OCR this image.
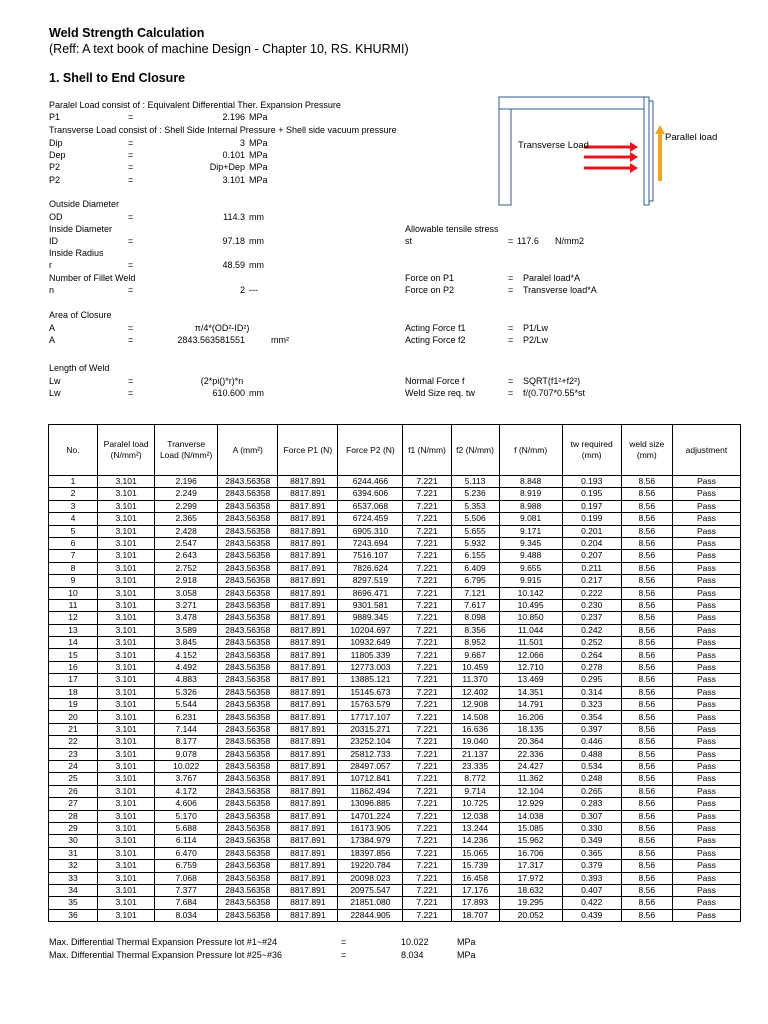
Weld Strength Calculation
(Reff: A text book of machine Design - Chapter 10, RS. KHURMI)
1. Shell to End Closure
Paralel Load consist of : Equivalent Differential Ther. Expansion Pressure
P1	=	2.196 MPa
Transverse Load consist of : Shell Side Internal Pressure + Shell side vacuum pressure
Dip	=	3 MPa
Dep	=	0.101 MPa
P2	=	Dip+Dep MPa
P2	=	3.101 MPa
Outside Diameter
OD	=	114.3 mm
Inside Diameter
ID	=	97.18 mm
Inside Radius
r	=	48.59 mm
Number of Fillet Weld
n	=	2 ---
Area of Closure
A	=	π/4*(OD²-ID²)
A	=	2843.563581551	mm²
Length of Weld
Lw	=	(2*pi()*r)*n
Lw	=	610.600 mm
Allowable tensile stress
st	= 117.6 N/mm2
Force on P1	= Paralel load*A
Force on P2	= Transverse load*A
Acting Force f1	= P1/Lw
Acting Force f2	= P2/Lw
Normal Force f	= SQRT(f1²+f2²)
Weld Size req. tw	= f/(0.707*0.55*st
Transverse Load
Parallel load
No.	Paralel load (N/mm²)	Tranverse Load (N/mm²)	A (mm²)	Force P1 (N)	Force P2 (N)	f1 (N/mm)	f2 (N/mm)	f (N/mm)	tw required (mm)	weld size (mm)	adjustment
1	3.101	2.196	2843.56358	8817.891	6244.466	7.221	5.113	8.848	0.193	8.56	Pass
2	3.101	2.249	2843.56358	8817.891	6394.606	7.221	5.236	8.919	0.195	8.56	Pass
3	3.101	2.299	2843.56358	8817.891	6537.068	7.221	5.353	8.988	0.197	8.56	Pass
4	3.101	2.365	2843.56358	8817.891	6724.459	7.221	5.506	9.081	0.199	8.56	Pass
5	3.101	2.428	2843.56358	8817.891	6905.310	7.221	5.655	9.171	0.201	8.56	Pass
6	3.101	2.547	2843.56358	8817.891	7243.694	7.221	5.932	9.345	0.204	8.56	Pass
7	3.101	2.643	2843.56358	8817.891	7516.107	7.221	6.155	9.488	0.207	8.56	Pass
8	3.101	2.752	2843.56358	8817.891	7826.624	7.221	6.409	9.655	0.211	8.56	Pass
9	3.101	2.918	2843.56358	8817.891	8297.519	7.221	6.795	9.915	0.217	8.56	Pass
10	3.101	3.058	2843.56358	8817.891	8696.471	7.221	7.121	10.142	0.222	8.56	Pass
11	3.101	3.271	2843.56358	8817.891	9301.581	7.221	7.617	10.495	0.230	8.56	Pass
12	3.101	3.478	2843.56358	8817.891	9889.345	7.221	8.098	10.850	0.237	8.56	Pass
13	3.101	3.589	2843.56358	8817.891	10204.697	7.221	8.356	11.044	0.242	8.56	Pass
14	3.101	3.845	2843.56358	8817.891	10932.649	7.221	8.952	11.501	0.252	8.56	Pass
15	3.101	4.152	2843.56358	8817.891	11805.339	7.221	9.667	12.066	0.264	8.56	Pass
16	3.101	4.492	2843.56358	8817.891	12773.003	7.221	10.459	12.710	0.278	8.56	Pass
17	3.101	4.883	2843.56358	8817.891	13885.121	7.221	11.370	13.469	0.295	8.56	Pass
18	3.101	5.326	2843.56358	8817.891	15145.673	7.221	12.402	14.351	0.314	8.56	Pass
19	3.101	5.544	2843.56358	8817.891	15763.579	7.221	12.908	14.791	0.323	8.56	Pass
20	3.101	6.231	2843.56358	8817.891	17717.107	7.221	14.508	16.206	0.354	8.56	Pass
21	3.101	7.144	2843.56358	8817.891	20315.271	7.221	16.636	18.135	0.397	8.56	Pass
22	3.101	8.177	2843.56358	8817.891	23252.104	7.221	19.040	20.364	0.446	8.56	Pass
23	3.101	9.078	2843.56358	8817.891	25812.733	7.221	21.137	22.336	0.488	8.56	Pass
24	3.101	10.022	2843.56358	8817.891	28497.057	7.221	23.335	24.427	0.534	8.56	Pass
25	3.101	3.767	2843.56358	8817.891	10712.841	7.221	8.772	11.362	0.248	8.56	Pass
26	3.101	4.172	2843.56358	8817.891	11862.494	7.221	9.714	12.104	0.265	8.56	Pass
27	3.101	4.606	2843.56358	8817.891	13096.885	7.221	10.725	12.929	0.283	8.56	Pass
28	3.101	5.170	2843.56358	8817.891	14701.224	7.221	12.038	14.038	0.307	8.56	Pass
29	3.101	5.688	2843.56358	8817.891	16173.905	7.221	13.244	15.085	0.330	8.56	Pass
30	3.101	6.114	2843.56358	8817.891	17384.979	7.221	14.236	15.962	0.349	8.56	Pass
31	3.101	6.470	2843.56358	8817.891	18397.856	7.221	15.065	16.706	0.365	8.56	Pass
32	3.101	6.759	2843.56358	8817.891	19220.784	7.221	15.739	17.317	0.379	8.56	Pass
33	3.101	7.068	2843.56358	8817.891	20098.023	7.221	16.458	17.972	0.393	8.56	Pass
34	3.101	7.377	2843.56358	8817.891	20975.547	7.221	17.176	18.632	0.407	8.56	Pass
35	3.101	7.684	2843.56358	8817.891	21851.080	7.221	17.893	19.295	0.422	8.56	Pass
36	3.101	8.034	2843.56358	8817.891	22844.905	7.221	18.707	20.052	0.439	8.56	Pass
Max. Differential Thermal Expansion Pressure lot #1~#24	=	10.022	MPa
Max. Differential Thermal Expansion Pressure lot #25~#36	=	8.034	MPa
